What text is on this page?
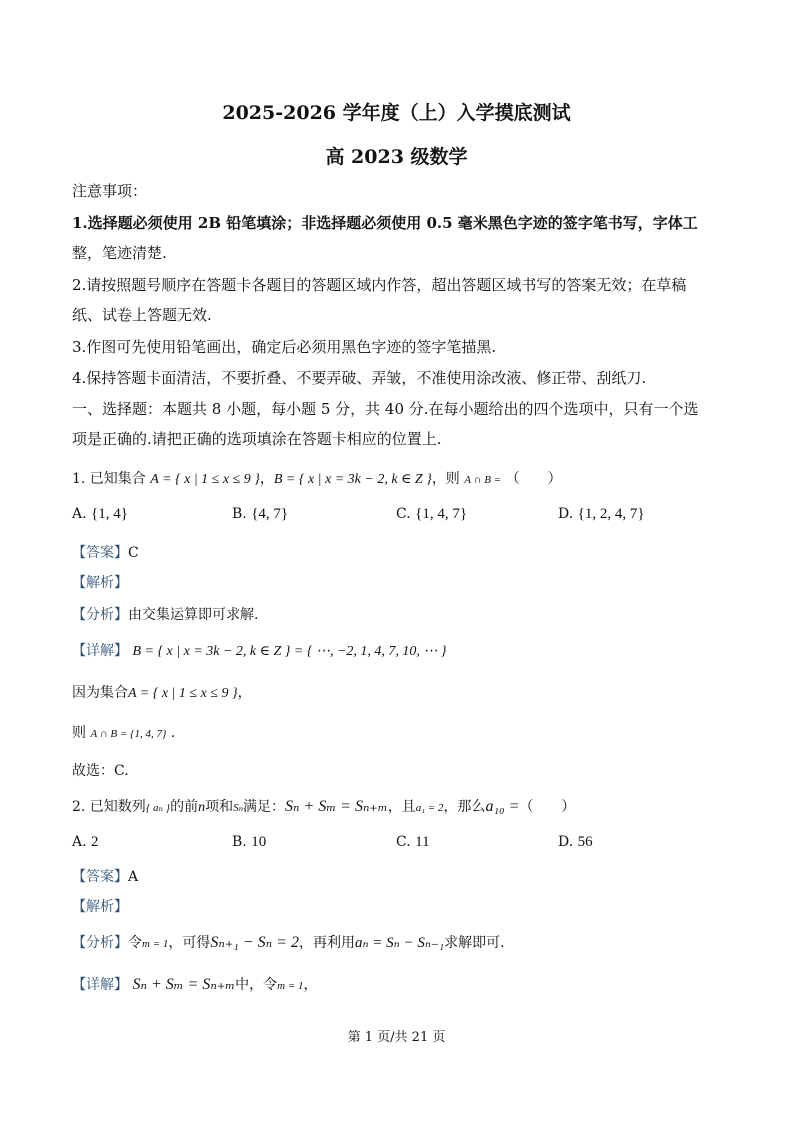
2025-2026 学年度（上）入学摸底测试
高 2023 级数学
注意事项：
1.选择题必须使用 2B 铅笔填涂；非选择题必须使用 0.5 毫米黑色字迹的签字笔书写，字体工
整，笔迹清楚.
2.请按照题号顺序在答题卡各题目的答题区域内作答，超出答题区域书写的答案无效；在草稿
纸、试卷上答题无效.
3.作图可先使用铅笔画出，确定后必须用黑色字迹的签字笔描黑.
4.保持答题卡面清洁，不要折叠、不要弄破、弄皱，不准使用涂改液、修正带、刮纸刀.
一、选择题：本题共 8 小题，每小题 5 分，共 40 分.在每小题给出的四个选项中，只有一个选
项是正确的.请把正确的选项填涂在答题卡相应的位置上.
1. 已知集合 A = { x | 1 ≤ x ≤ 9 }，B = { x | x = 3k − 2, k ∈ Z }，则 A ∩ B = （　　）
A. {1, 4}	B. {4, 7}	C. {1, 4, 7}	D. {1, 2, 4, 7}
【答案】C
【解析】
【分析】由交集运算即可求解.
【详解】 B = { x | x = 3k − 2, k ∈ Z } = { ⋯, −2, 1, 4, 7, 10, ⋯ }
因为集合A = { x | 1 ≤ x ≤ 9 }，
则 A ∩ B = {1, 4, 7} .
故选：C.
2. 已知数列{ aₙ }的前n项和Sₙ满足：Sₙ + Sₘ = Sₙ₊ₘ，且a₁ = 2，那么a₁₀ =（　　）
A. 2	B. 10	C. 11	D. 56
【答案】A
【解析】
【分析】令m = 1，可得Sₙ₊₁ − Sₙ = 2，再利用aₙ = Sₙ − Sₙ₋₁求解即可.
【详解】 Sₙ + Sₘ = Sₙ₊ₘ中，令m = 1，
第 1 页/共 21 页
